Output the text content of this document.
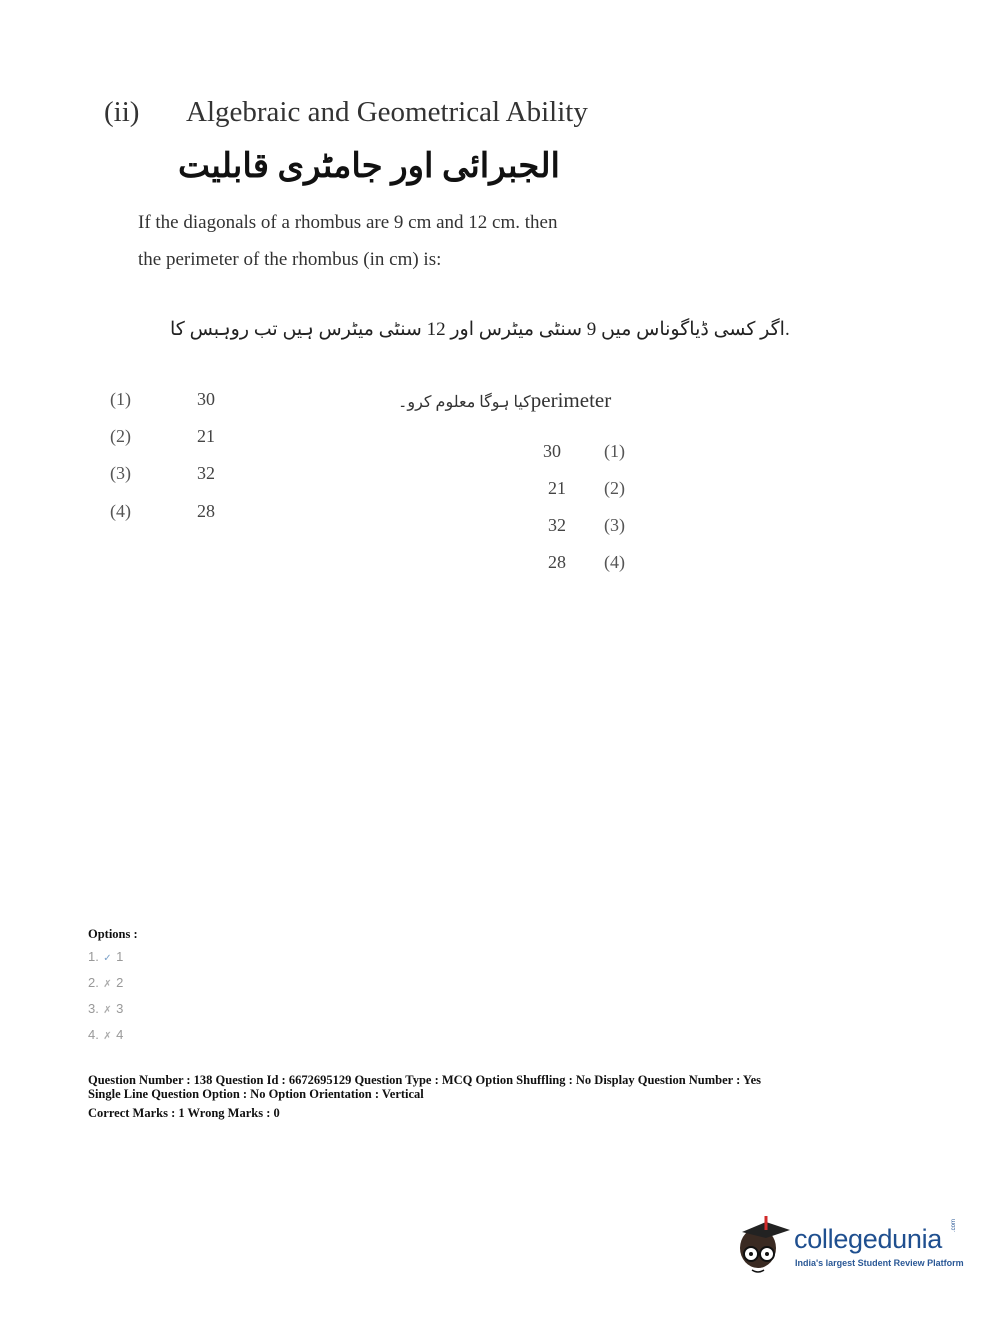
(ii) Algebraic and Geometrical Ability
الجبرائی اور جامٹری قابلیت
If the diagonals of a rhombus are 9 cm and 12 cm. then
the perimeter of the rhombus (in cm) is:
.اگر کسی ڈیاگوناس میں 9 سنٹی میٹرس اور 12 سنٹی میٹرس ہیں تب روہبس کا
کیا ہوگا معلوم کرو۔perimeter
(1)	30
(2)	21
(3)	32
(4)	28
30 (1)
21 (2)
32 (3)
28 (4)
Options :
1. ✓ 1
2. ✗ 2
3. ✗ 3
4. ✗ 4
Question Number : 138 Question Id : 6672695129 Question Type : MCQ Option Shuffling : No Display Question Number : Yes
Single Line Question Option : No Option Orientation : Vertical
Correct Marks : 1 Wrong Marks : 0
collegedunia .com
India's largest Student Review Platform
